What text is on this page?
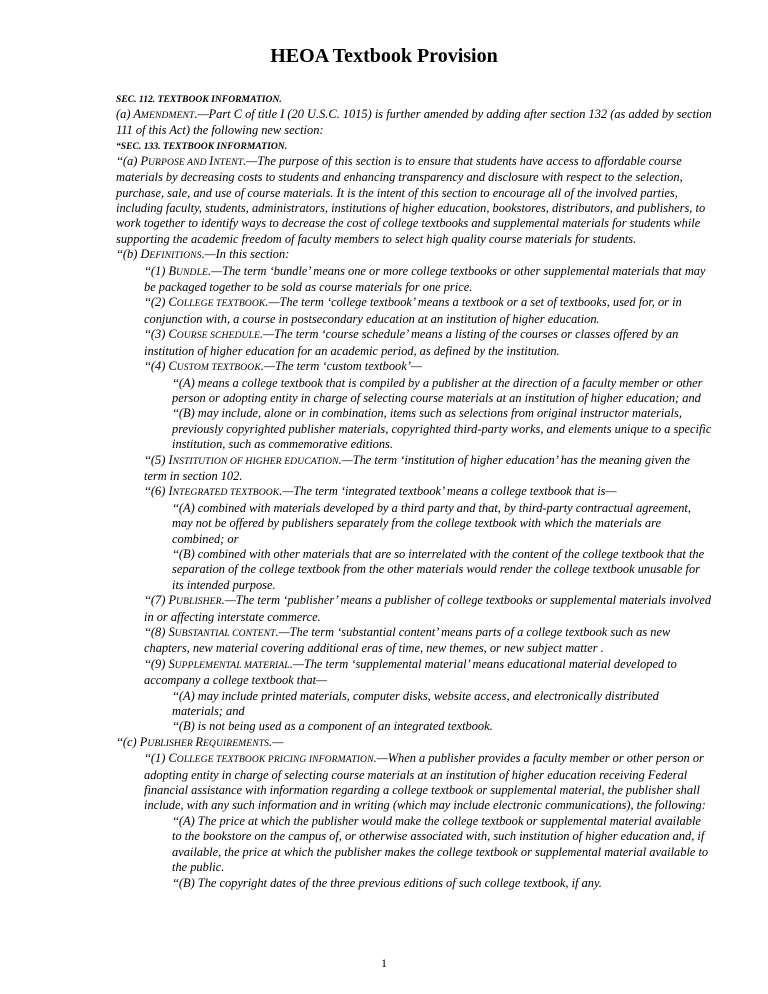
HEOA Textbook Provision

SEC. 112. TEXTBOOK INFORMATION.

(a) AMENDMENT.—Part C of title I (20 U.S.C. 1015) is further amended by adding after section 132 (as added by section 111 of this Act) the following new section:

“SEC. 133. TEXTBOOK INFORMATION.

‘‘(a) PURPOSE AND INTENT.—The purpose of this section is to ensure that students have access to affordable course materials by decreasing costs to students and enhancing transparency and disclosure with respect to the selection, purchase, sale, and use of course materials. It is the intent of this section to encourage all of the involved parties, including faculty, students, administrators, institutions of higher education, bookstores, distributors, and publishers, to work together to identify ways to decrease the cost of college textbooks and supplemental materials for students while supporting the academic freedom of faculty members to select high quality course materials for students.

‘‘(b) DEFINITIONS.—In this section:

‘‘(1) BUNDLE.—The term ‘bundle’ means one or more college textbooks or other supplemental materials that may be packaged together to be sold as course materials for one price.

‘‘(2) COLLEGE TEXTBOOK.—The term ‘college textbook’ means a textbook or a set of textbooks, used for, or in conjunction with, a course in postsecondary education at an institution of higher education.

‘‘(3) COURSE SCHEDULE.—The term ‘course schedule’ means a listing of the courses or classes offered by an institution of higher education for an academic period, as defined by the institution.

‘‘(4) CUSTOM TEXTBOOK.—The term ‘custom textbook’—

‘‘(A) means a college textbook that is compiled by a publisher at the direction of a faculty member or other person or adopting entity in charge of selecting course materials at an institution of higher education; and

‘‘(B) may include, alone or in combination, items such as selections from original instructor materials, previously copyrighted publisher materials, copyrighted third-party works, and elements unique to a specific institution, such as commemorative editions.

‘‘(5) INSTITUTION OF HIGHER EDUCATION.—The term ‘institution of higher education’ has the meaning given the term in section 102.

‘‘(6) INTEGRATED TEXTBOOK.—The term ‘integrated textbook’ means a college textbook that is—

‘‘(A) combined with materials developed by a third party and that, by third-party contractual agreement, may not be offered by publishers separately from the college textbook with which the materials are combined; or

‘‘(B) combined with other materials that are so interrelated with the content of the college textbook that the separation of the college textbook from the other materials would render the college textbook unusable for its intended purpose.

‘‘(7) PUBLISHER.—The term ‘publisher’ means a publisher of college textbooks or supplemental materials involved in or affecting interstate commerce.

‘‘(8) SUBSTANTIAL CONTENT.—The term ‘substantial content’ means parts of a college textbook such as new chapters, new material covering additional eras of time, new themes, or new subject matter .

‘‘(9) SUPPLEMENTAL MATERIAL.—The term ‘supplemental material’ means educational material developed to accompany a college textbook that—

‘‘(A) may include printed materials, computer disks, website access, and electronically distributed materials; and

‘‘(B) is not being used as a component of an integrated textbook.

‘‘(c) PUBLISHER REQUIREMENTS.—

‘‘(1) COLLEGE TEXTBOOK PRICING INFORMATION.—When a publisher provides a faculty member or other person or adopting entity in charge of selecting course materials at an institution of higher education receiving Federal financial assistance with information regarding a college textbook or supplemental material, the publisher shall include, with any such information and in writing (which may include electronic communications), the following:

‘‘(A) The price at which the publisher would make the college textbook or supplemental material available to the bookstore on the campus of, or otherwise associated with, such institution of higher education and, if available, the price at which the publisher makes the college textbook or supplemental material available to the public.

‘‘(B) The copyright dates of the three previous editions of such college textbook, if any.

1
